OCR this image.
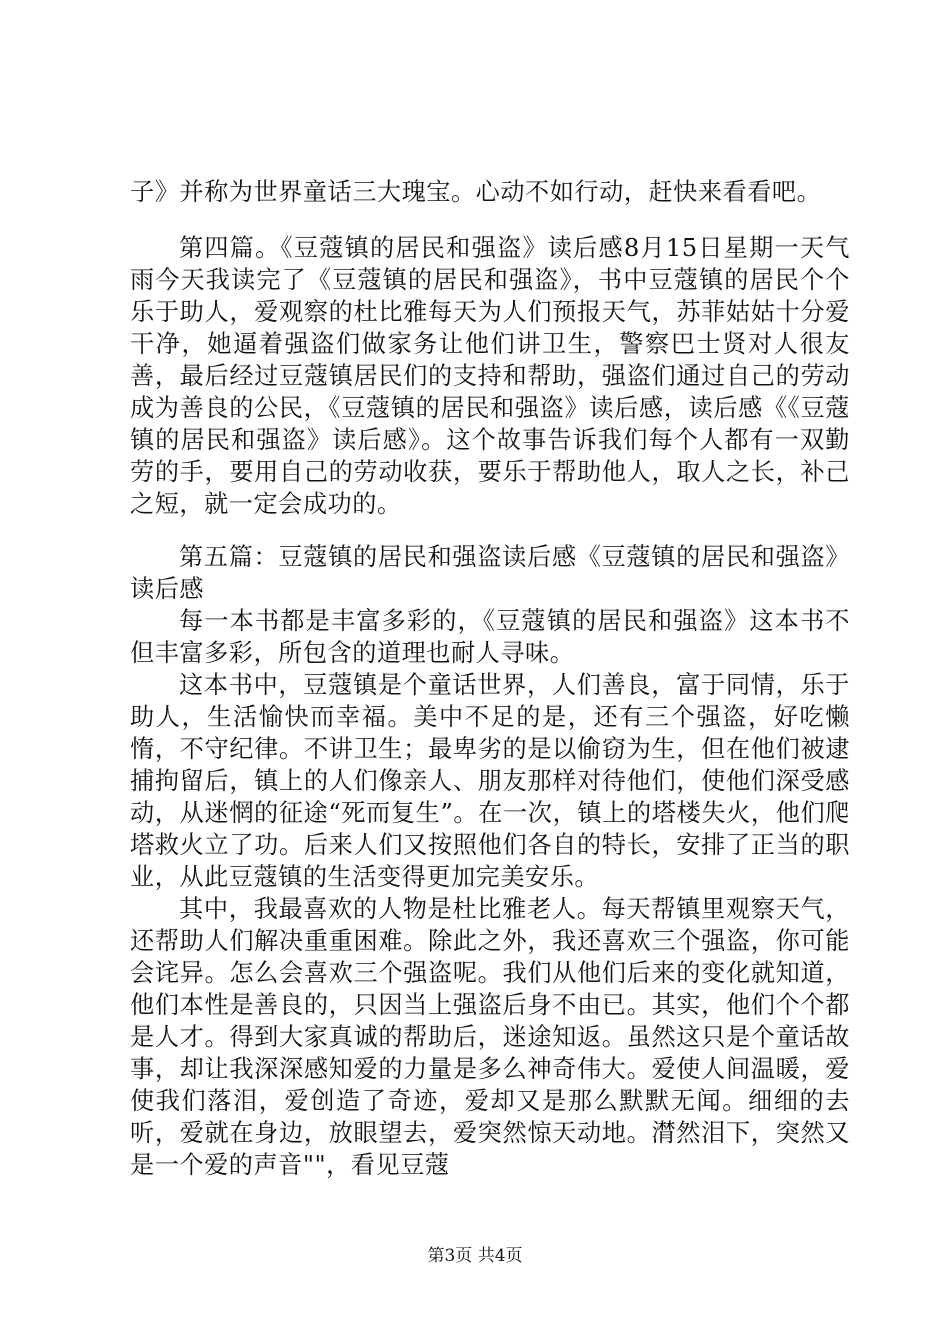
子》并称为世界童话三大瑰宝。心动不如行动，赶快来看看吧。

第四篇。《豆蔻镇的居民和强盗》读后感8月15日星期一天气雨今天我读完了《豆蔻镇的居民和强盗》，书中豆蔻镇的居民个个乐于助人，爱观察的杜比雅每天为人们预报天气，苏菲姑姑十分爱干净，她逼着强盗们做家务让他们讲卫生，警察巴士贤对人很友善，最后经过豆蔻镇居民们的支持和帮助，强盗们通过自己的劳动成为善良的公民，《豆蔻镇的居民和强盗》读后感，读后感《《豆蔻镇的居民和强盗》读后感》。这个故事告诉我们每个人都有一双勤劳的手，要用自己的劳动收获，要乐于帮助他人，取人之长，补己之短，就一定会成功的。

第五篇：豆蔻镇的居民和强盗读后感《豆蔻镇的居民和强盗》读后感

每一本书都是丰富多彩的，《豆蔻镇的居民和强盗》这本书不但丰富多彩，所包含的道理也耐人寻味。

这本书中，豆蔻镇是个童话世界，人们善良，富于同情，乐于助人，生活愉快而幸福。美中不足的是，还有三个强盗，好吃懒惰，不守纪律。不讲卫生；最卑劣的是以偷窃为生，但在他们被逮捕拘留后，镇上的人们像亲人、朋友那样对待他们，使他们深受感动，从迷惘的征途“死而复生”。在一次，镇上的塔楼失火，他们爬塔救火立了功。后来人们又按照他们各自的特长，安排了正当的职业，从此豆蔻镇的生活变得更加完美安乐。

其中，我最喜欢的人物是杜比雅老人。每天帮镇里观察天气，还帮助人们解决重重困难。除此之外，我还喜欢三个强盗，你可能会诧异。怎么会喜欢三个强盗呢。我们从他们后来的变化就知道，他们本性是善良的，只因当上强盗后身不由已。其实，他们个个都是人才。得到大家真诚的帮助后，迷途知返。虽然这只是个童话故事，却让我深深感知爱的力量是多么神奇伟大。爱使人间温暖，爱使我们落泪，爱创造了奇迹，爱却又是那么默默无闻。细细的去听，爱就在身边，放眼望去，爱突然惊天动地。潸然泪下，突然又是一个爱的声音""，看见豆蔻

第3页 共4页
